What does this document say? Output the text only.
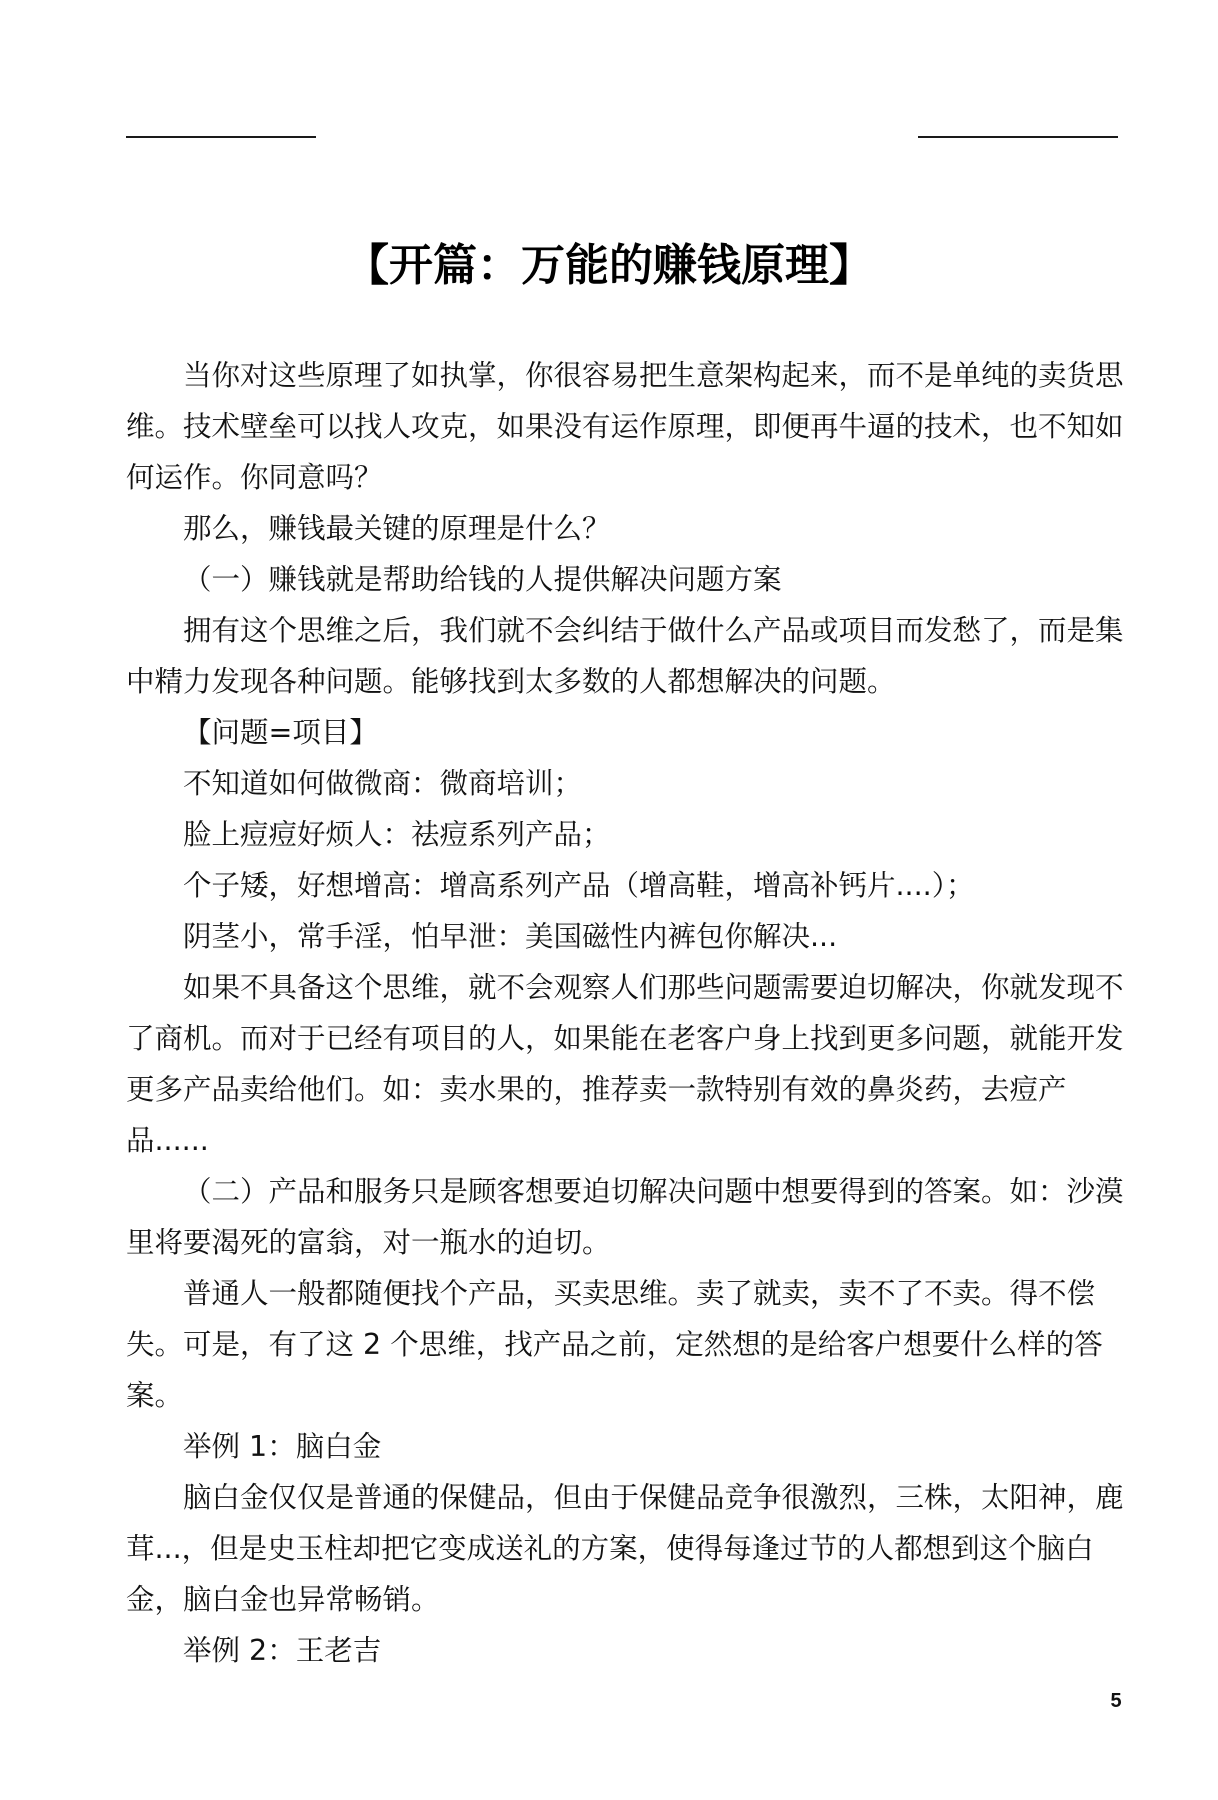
【开篇：万能的赚钱原理】

当你对这些原理了如执掌，你很容易把生意架构起来，而不是单纯的卖货思维。技术壁垒可以找人攻克，如果没有运作原理，即便再牛逼的技术，也不知如何运作。你同意吗？

那么，赚钱最关键的原理是什么？

（一）赚钱就是帮助给钱的人提供解决问题方案

拥有这个思维之后，我们就不会纠结于做什么产品或项目而发愁了，而是集中精力发现各种问题。能够找到太多数的人都想解决的问题。

【问题=项目】

不知道如何做微商：微商培训；

脸上痘痘好烦人：祛痘系列产品；

个子矮，好想增高：增高系列产品（增高鞋，增高补钙片....）；

阴茎小，常手淫，怕早泄：美国磁性内裤包你解决...

如果不具备这个思维，就不会观察人们那些问题需要迫切解决，你就发现不了商机。而对于已经有项目的人，如果能在老客户身上找到更多问题，就能开发更多产品卖给他们。如：卖水果的，推荐卖一款特别有效的鼻炎药，去痘产品......

（二）产品和服务只是顾客想要迫切解决问题中想要得到的答案。如：沙漠里将要渴死的富翁，对一瓶水的迫切。

普通人一般都随便找个产品，买卖思维。卖了就卖，卖不了不卖。得不偿失。可是，有了这 2 个思维，找产品之前，定然想的是给客户想要什么样的答案。

举例 1：脑白金

脑白金仅仅是普通的保健品，但由于保健品竞争很激烈，三株，太阳神，鹿茸...，但是史玉柱却把它变成送礼的方案，使得每逢过节的人都想到这个脑白金，脑白金也异常畅销。

举例 2：王老吉

5
